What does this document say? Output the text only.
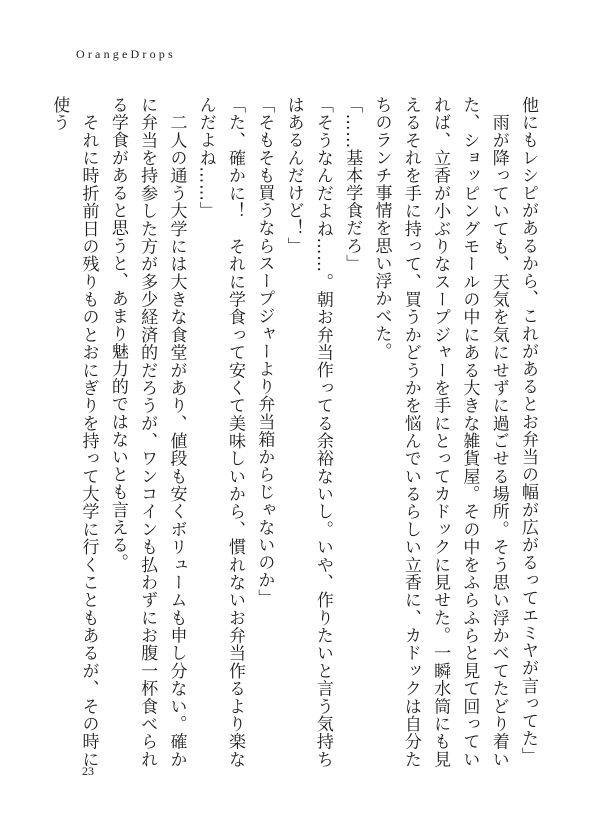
OrangeDrops

他にもレシピがあるから、これがあるとお弁当の幅が広がるってエミヤが言ってた」

　雨が降っていても、天気を気にせずに過ごせる場所。そう思い浮かべてたどり着いた、ショッピングモールの中にある大きな雑貨屋。その中をふらふらと見て回っていれば、立香が小ぶりなスープジャーを手にとってカドックに見せた。一瞬水筒にも見えるそれを手に持って、買うかどうかを悩んでいるらしい立香に、カドックは自分たちのランチ事情を思い浮かべた。

「……基本学食だろ」

「そうなんだよね……。朝お弁当作ってる余裕ないし。いや、作りたいと言う気持ちはあるんだけど！」

「そもそも買うならスープジャーより弁当箱からじゃないのか」

「た、確かに！　それに学食って安くて美味しいから、慣れないお弁当作るより楽なんだよね……」

　二人の通う大学には大きな食堂があり、値段も安くボリュームも申し分ない。確かに弁当を持参した方が多少経済的だろうが、ワンコインも払わずにお腹一杯食べられる学食があると思うと、あまり魅力的ではないとも言える。

　それに時折前日の残りものとおにぎりを持って大学に行くこともあるが、その時に使う

23
